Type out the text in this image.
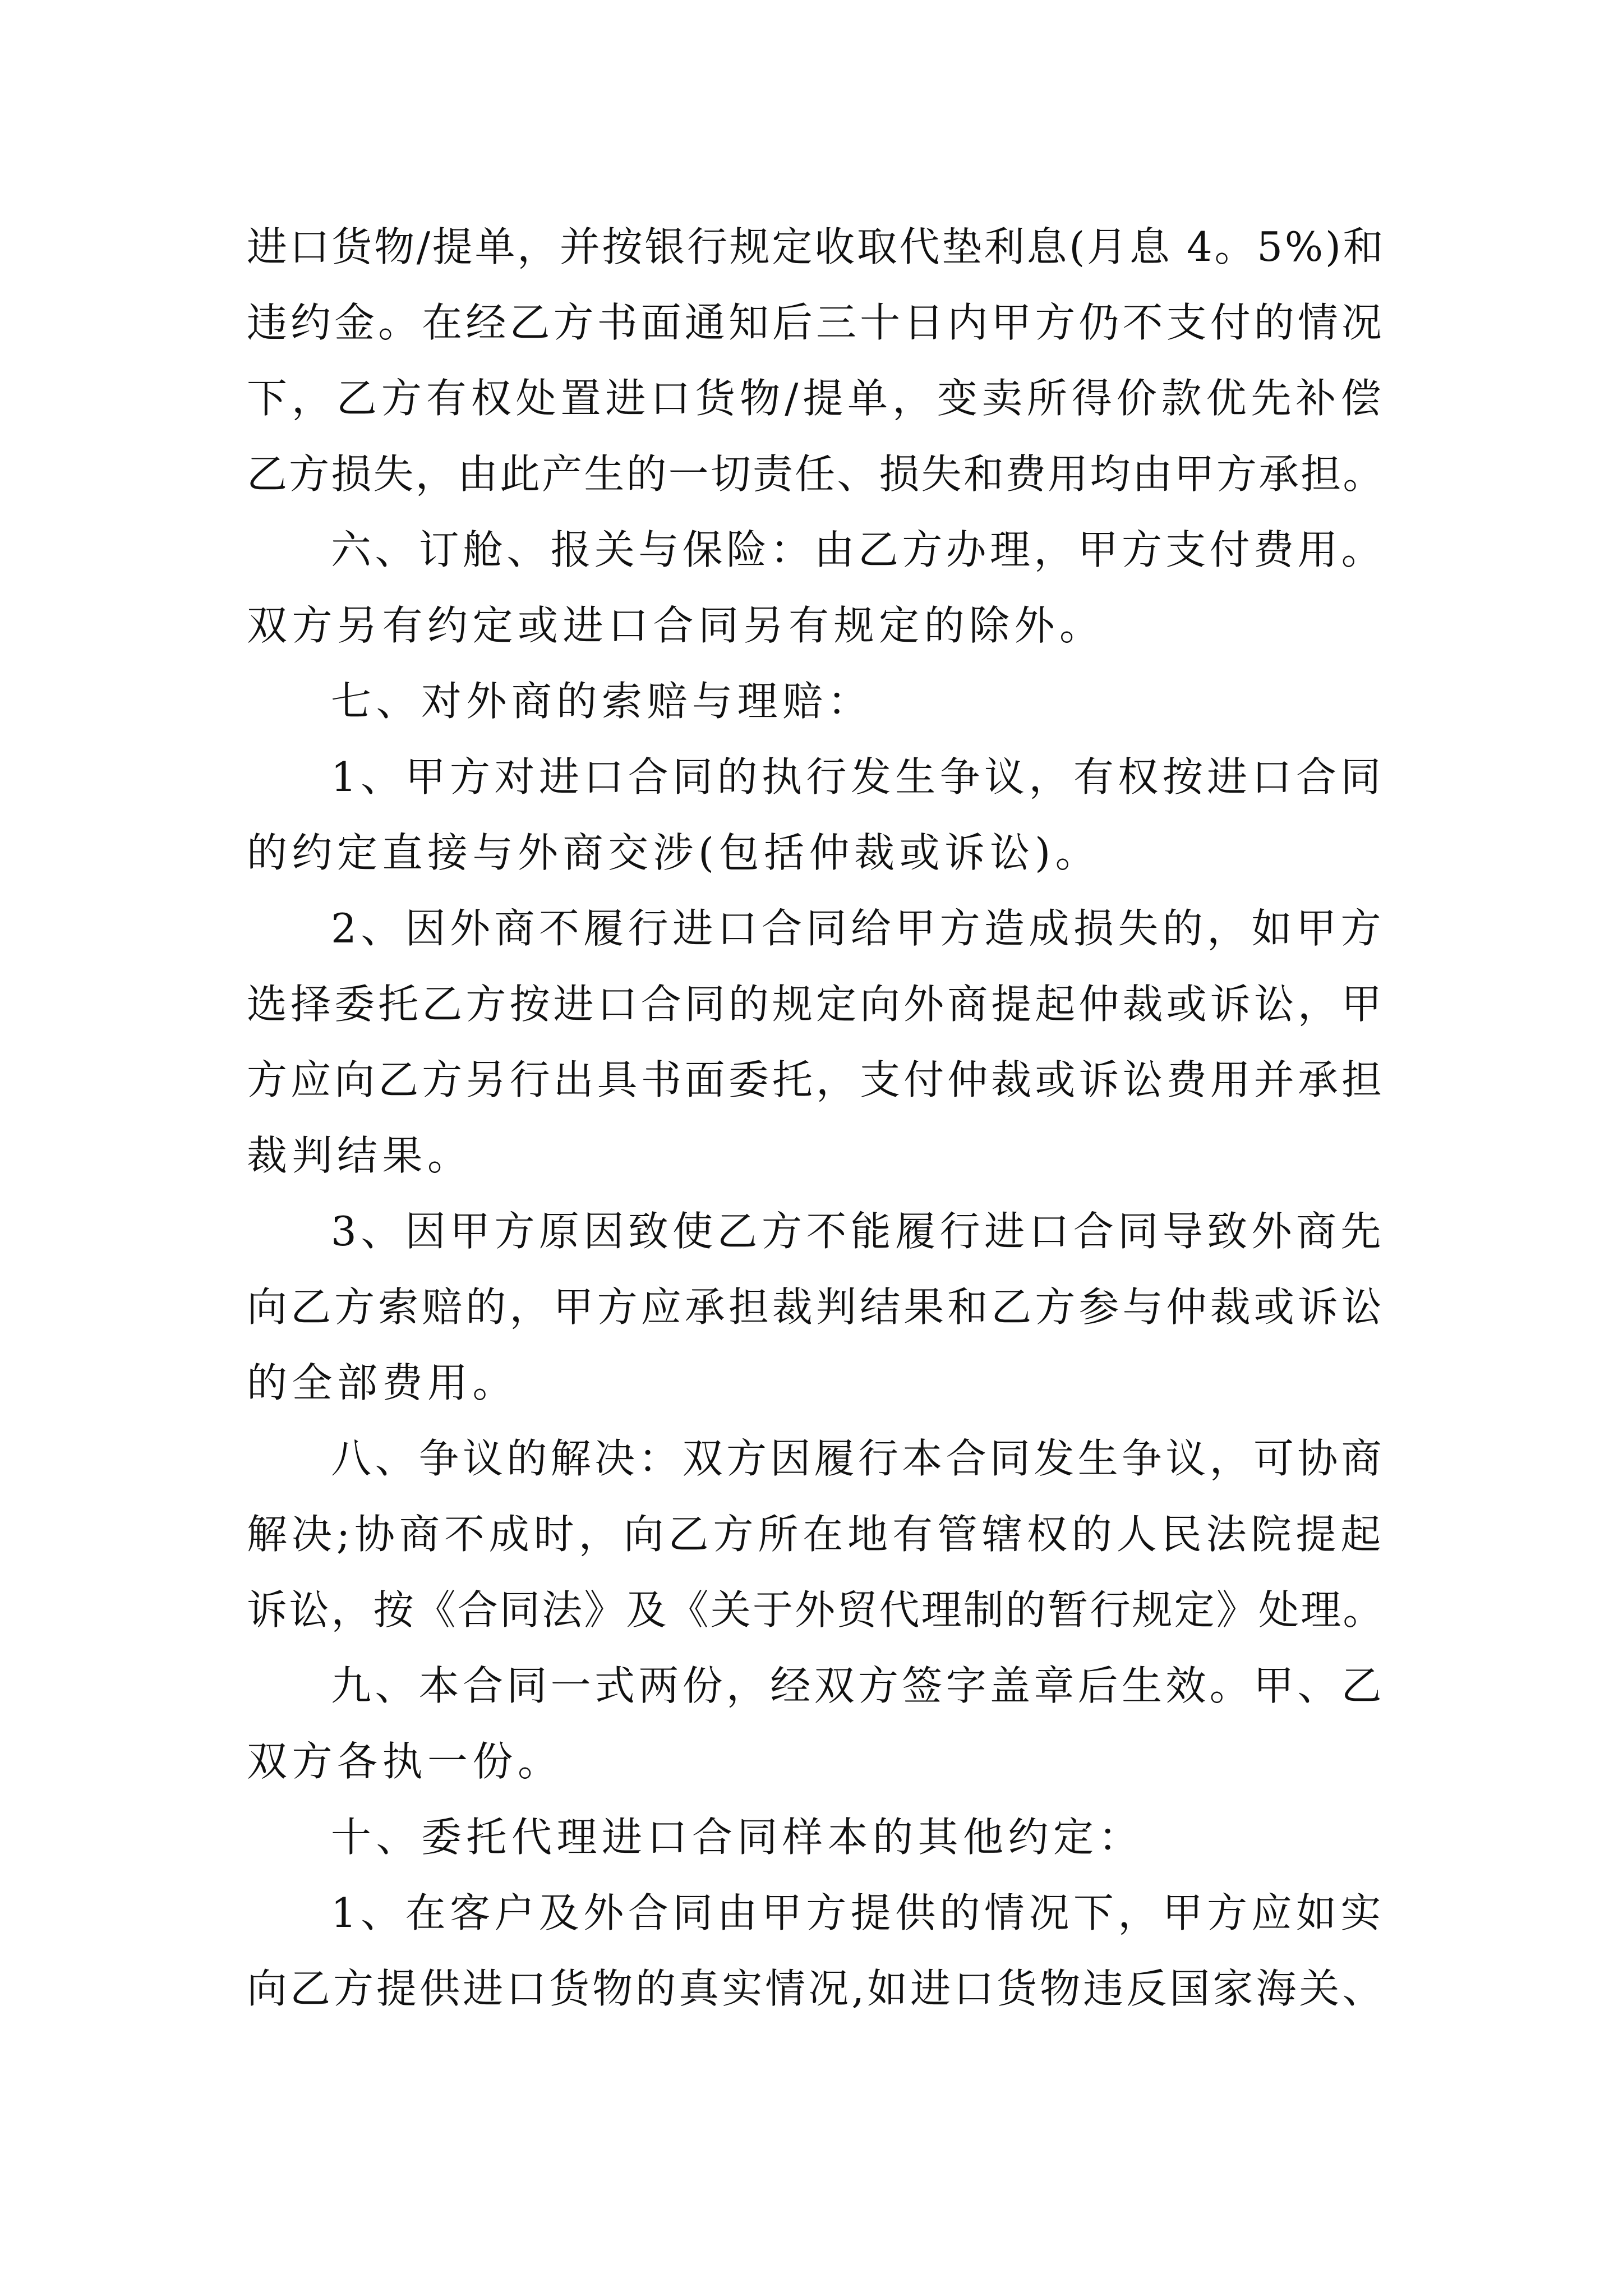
进口货物/提单，并按银行规定收取代垫利息(月息 4。5%)和
违约金。在经乙方书面通知后三十日内甲方仍不支付的情况
下，乙方有权处置进口货物/提单，变卖所得价款优先补偿
乙方损失，由此产生的一切责任、损失和费用均由甲方承担。
六、订舱、报关与保险：由乙方办理，甲方支付费用。
双方另有约定或进口合同另有规定的除外。
七、对外商的索赔与理赔：
1、甲方对进口合同的执行发生争议，有权按进口合同
的约定直接与外商交涉(包括仲裁或诉讼)。
2、因外商不履行进口合同给甲方造成损失的，如甲方
选择委托乙方按进口合同的规定向外商提起仲裁或诉讼，甲
方应向乙方另行出具书面委托，支付仲裁或诉讼费用并承担
裁判结果。
3、因甲方原因致使乙方不能履行进口合同导致外商先
向乙方索赔的，甲方应承担裁判结果和乙方参与仲裁或诉讼
的全部费用。
八、争议的解决：双方因履行本合同发生争议，可协商
解决;协商不成时，向乙方所在地有管辖权的人民法院提起
诉讼，按《合同法》及《关于外贸代理制的暂行规定》处理。
九、本合同一式两份，经双方签字盖章后生效。甲、乙
双方各执一份。
十、委托代理进口合同样本的其他约定：
1、在客户及外合同由甲方提供的情况下，甲方应如实
向乙方提供进口货物的真实情况,如进口货物违反国家海关、
